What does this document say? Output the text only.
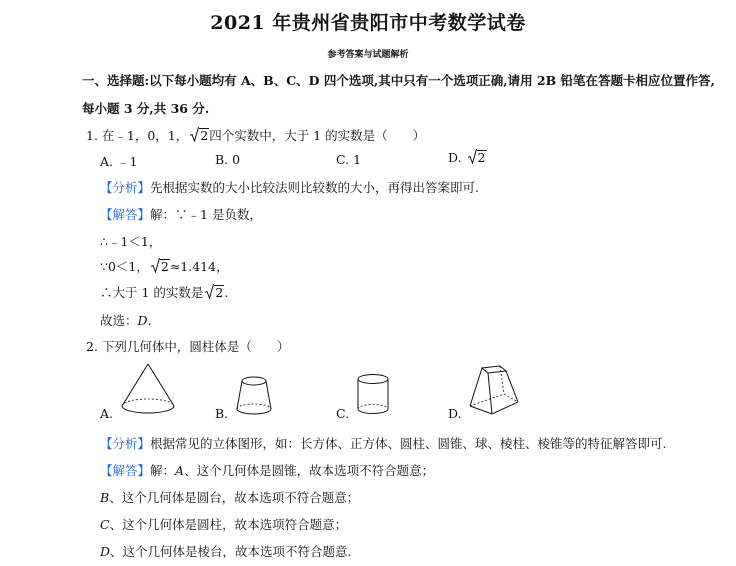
2021 年贵州省贵阳市中考数学试卷
参考答案与试题解析
一、选择题:以下每小题均有 A、B、C、D 四个选项,其中只有一个选项正确,请用 2B 铅笔在答题卡相应位置作答,
每小题 3 分,共 36 分.
1. 在﹣1，0，1， 2四个实数中，大于 1 的实数是（　　）
A. ﹣1	B. 0	C. 1	D. 2
【分析】先根据实数的大小比较法则比较数的大小，再得出答案即可.
【解答】解：∵﹣1 是负数，
∴﹣1＜1，
∵0＜1， 2≈1.414，
∴大于 1 的实数是 2.
故选：D.
2. 下列几何体中，圆柱体是（　　）
A.	B.	C.	D.
【分析】根据常见的立体图形，如：长方体、正方体、圆柱、圆锥、球、棱柱、棱锥等的特征解答即可.
【解答】解：A、这个几何体是圆锥，故本选项不符合题意；
B、这个几何体是圆台，故本选项不符合题意；
C、这个几何体是圆柱，故本选项符合题意；
D、这个几何体是棱台，故本选项不符合题意.
